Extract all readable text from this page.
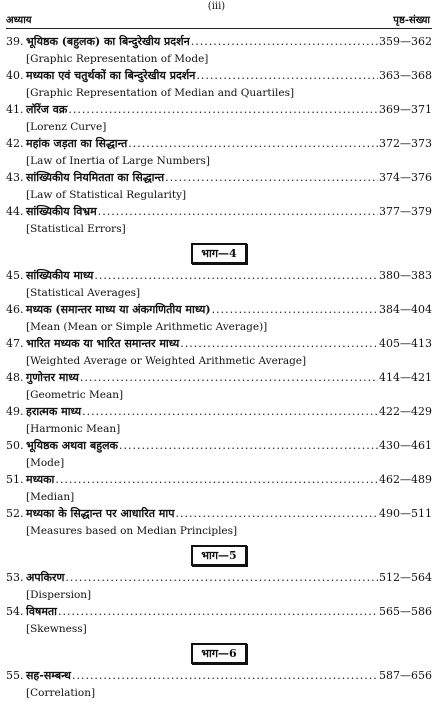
(iii)
अध्याय	पृष्ठ-संख्या
39. भूयिष्ठक (बहुलक) का बिन्दुरेखीय प्रदर्शन .....	359—362
[Graphic Representation of Mode]
40. मध्यका एवं चतुर्थकों का बिन्दुरेखीय प्रदर्शन .....	363—368
[Graphic Representation of Median and Quartiles]
41. लॉरेंज वक्र .....	369—371
[Lorenz Curve]
42. महांक जड़ता का सिद्धान्त .....	372—373
[Law of Inertia of Large Numbers]
43. सांख्यिकीय नियमितता का सिद्धान्त .....	374—376
[Law of Statistical Regularity]
44. सांख्यिकीय विभ्रम .....	377—379
[Statistical Errors]
भाग—4
45. सांख्यिकीय माध्य .....	380—383
[Statistical Averages]
46. मध्यक (समान्तर माध्य या अंकगणितीय माध्य) .....	384—404
[Mean (Mean or Simple Arithmetic Average)]
47. भारित मध्यक या भारित समान्तर माध्य .....	405—413
[Weighted Average or Weighted Arithmetic Average]
48. गुणोत्तर माध्य .....	414—421
[Geometric Mean]
49. हरात्मक माध्य .....	422—429
[Harmonic Mean]
50. भूयिष्ठक अथवा बहुलक .....	430—461
[Mode]
51. मध्यका .....	462—489
[Median]
52. मध्यका के सिद्धान्त पर आधारित माप .....	490—511
[Measures based on Median Principles]
भाग—5
53. अपकिरण .....	512—564
[Dispersion]
54. विषमता .....	565—586
[Skewness]
भाग—6
55. सह-सम्बन्ध .....	587—656
[Correlation]
